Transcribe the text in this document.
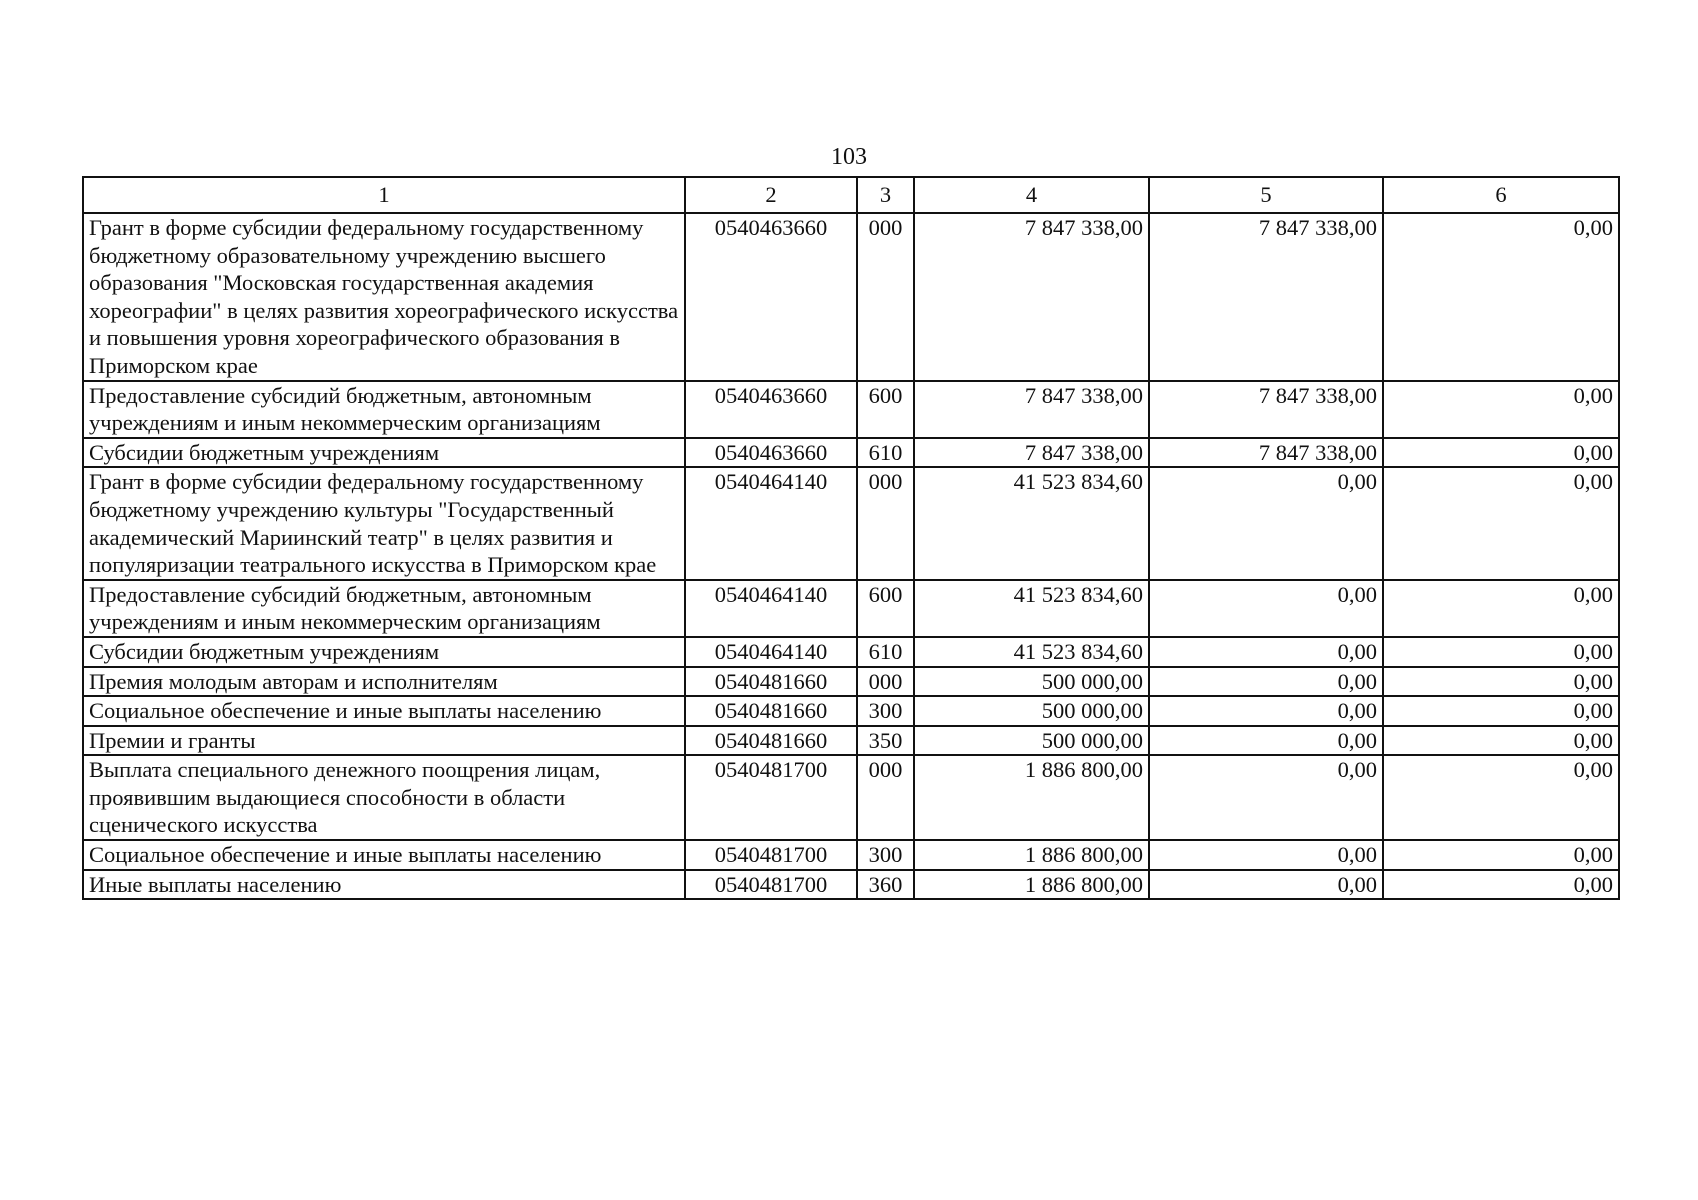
103
1	2	3	4	5	6
Грант в форме субсидии федеральному государственному бюджетному образовательному учреждению высшего образования "Московская государственная академия хореографии" в целях развития хореографического искусства и повышения уровня хореографического образования в Приморском крае	0540463660	000	7 847 338,00	7 847 338,00	0,00
Предоставление субсидий бюджетным, автономным учреждениям и иным некоммерческим организациям	0540463660	600	7 847 338,00	7 847 338,00	0,00
Субсидии бюджетным учреждениям	0540463660	610	7 847 338,00	7 847 338,00	0,00
Грант в форме субсидии федеральному государственному бюджетному учреждению культуры "Государственный академический Мариинский театр" в целях развития и популяризации театрального искусства в Приморском крае	0540464140	000	41 523 834,60	0,00	0,00
Предоставление субсидий бюджетным, автономным учреждениям и иным некоммерческим организациям	0540464140	600	41 523 834,60	0,00	0,00
Субсидии бюджетным учреждениям	0540464140	610	41 523 834,60	0,00	0,00
Премия молодым авторам и исполнителям	0540481660	000	500 000,00	0,00	0,00
Социальное обеспечение и иные выплаты населению	0540481660	300	500 000,00	0,00	0,00
Премии и гранты	0540481660	350	500 000,00	0,00	0,00
Выплата специального денежного поощрения лицам, проявившим выдающиеся способности в области сценического искусства	0540481700	000	1 886 800,00	0,00	0,00
Социальное обеспечение и иные выплаты населению	0540481700	300	1 886 800,00	0,00	0,00
Иные выплаты населению	0540481700	360	1 886 800,00	0,00	0,00
